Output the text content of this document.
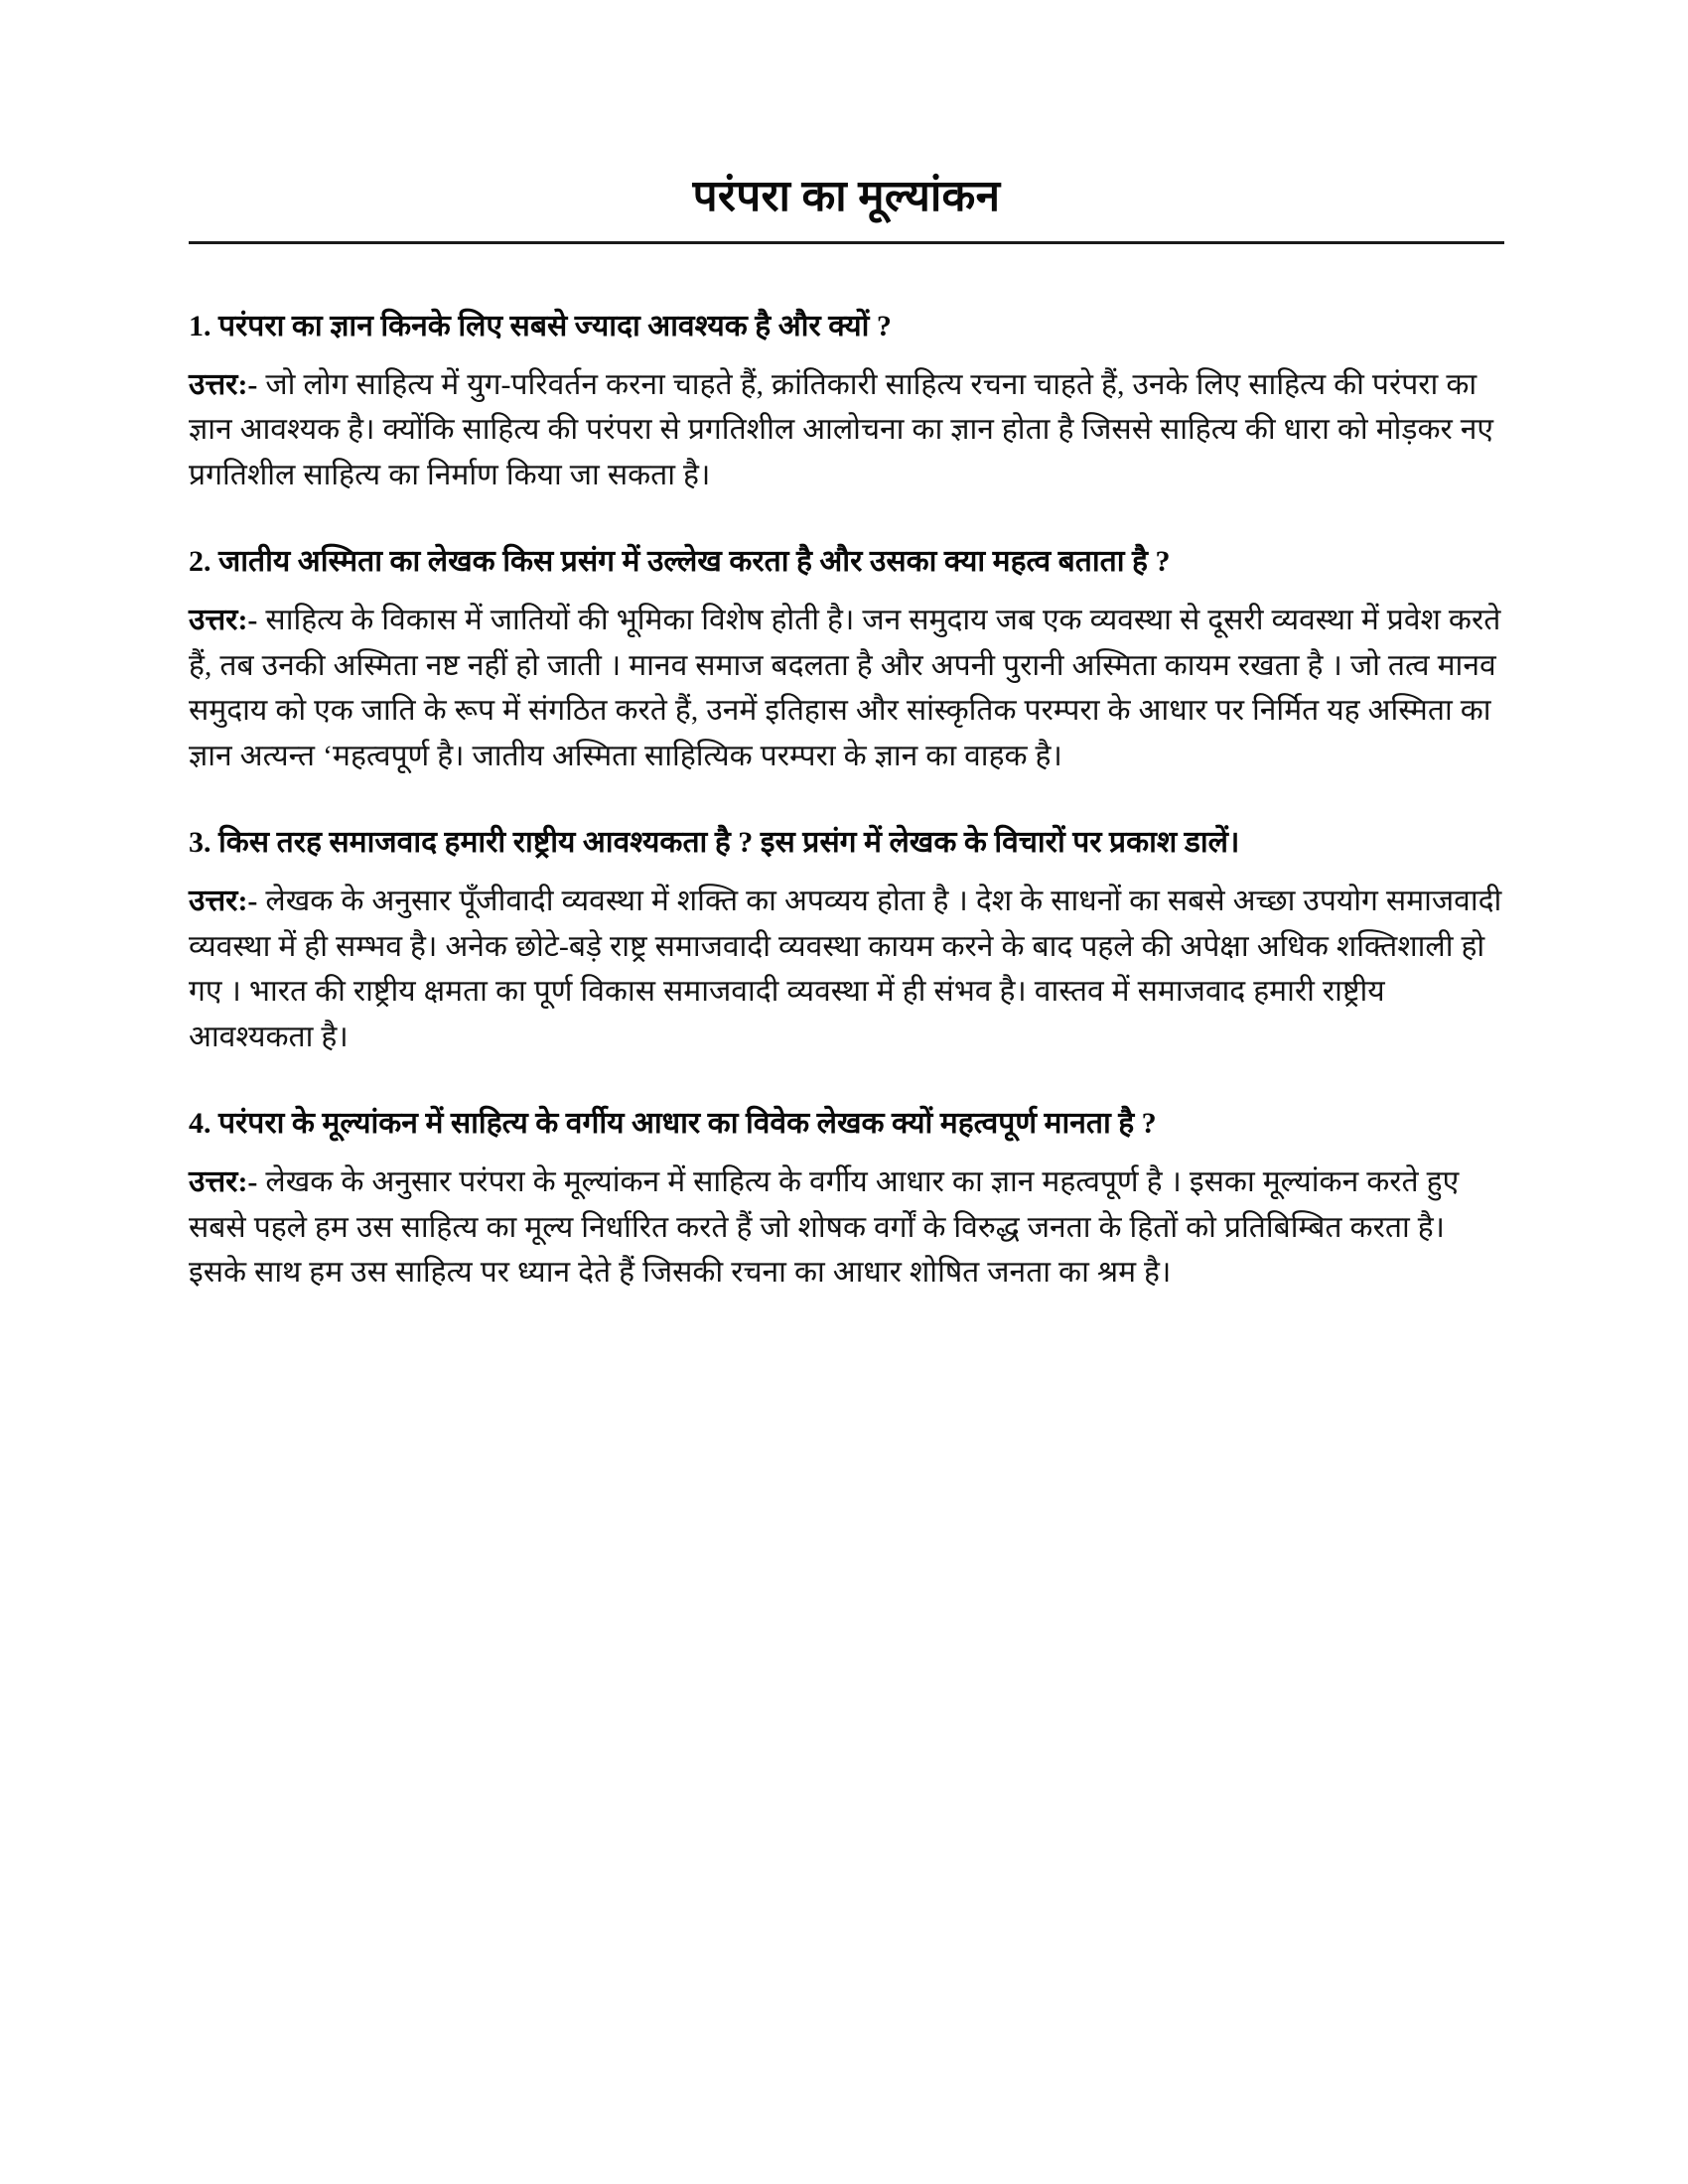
परंपरा का मूल्यांकन

1. परंपरा का ज्ञान किनके लिए सबसे ज्यादा आवश्यक है और क्यों ?

उत्तर:- जो लोग साहित्य में युग-परिवर्तन करना चाहते हैं, क्रांतिकारी साहित्य रचना चाहते हैं, उनके लिए साहित्य की परंपरा का ज्ञान आवश्यक है। क्योंकि साहित्य की परंपरा से प्रगतिशील आलोचना का ज्ञान होता है जिससे साहित्य की धारा को मोड़कर नए प्रगतिशील साहित्य का निर्माण किया जा सकता है।

2. जातीय अस्मिता का लेखक किस प्रसंग में उल्लेख करता है और उसका क्या महत्व बताता है ?

उत्तर:- साहित्य के विकास में जातियों की भूमिका विशेष होती है। जन समुदाय जब एक व्यवस्था से दूसरी व्यवस्था में प्रवेश करते हैं, तब उनकी अस्मिता नष्ट नहीं हो जाती । मानव समाज बदलता है और अपनी पुरानी अस्मिता कायम रखता है । जो तत्व मानव समुदाय को एक जाति के रूप में संगठित करते हैं, उनमें इतिहास और सांस्कृतिक परम्परा के आधार पर निर्मित यह अस्मिता का ज्ञान अत्यन्त ‘महत्वपूर्ण है। जातीय अस्मिता साहित्यिक परम्परा के ज्ञान का वाहक है।

3. किस तरह समाजवाद हमारी राष्ट्रीय आवश्यकता है ? इस प्रसंग में लेखक के विचारों पर प्रकाश डालें।

उत्तर:- लेखक के अनुसार पूँजीवादी व्यवस्था में शक्ति का अपव्यय होता है । देश के साधनों का सबसे अच्छा उपयोग समाजवादी व्यवस्था में ही सम्भव है। अनेक छोटे-बड़े राष्ट्र समाजवादी व्यवस्था कायम करने के बाद पहले की अपेक्षा अधिक शक्तिशाली हो गए । भारत की राष्ट्रीय क्षमता का पूर्ण विकास समाजवादी व्यवस्था में ही संभव है। वास्तव में समाजवाद हमारी राष्ट्रीय आवश्यकता है।

4. परंपरा के मूल्यांकन में साहित्य के वर्गीय आधार का विवेक लेखक क्यों महत्वपूर्ण मानता है ?

उत्तर:- लेखक के अनुसार परंपरा के मूल्यांकन में साहित्य के वर्गीय आधार का ज्ञान महत्वपूर्ण है । इसका मूल्यांकन करते हुए सबसे पहले हम उस साहित्य का मूल्य निर्धारित करते हैं जो शोषक वर्गों के विरुद्ध जनता के हितों को प्रतिबिम्बित करता है। इसके साथ हम उस साहित्य पर ध्यान देते हैं जिसकी रचना का आधार शोषित जनता का श्रम है।
